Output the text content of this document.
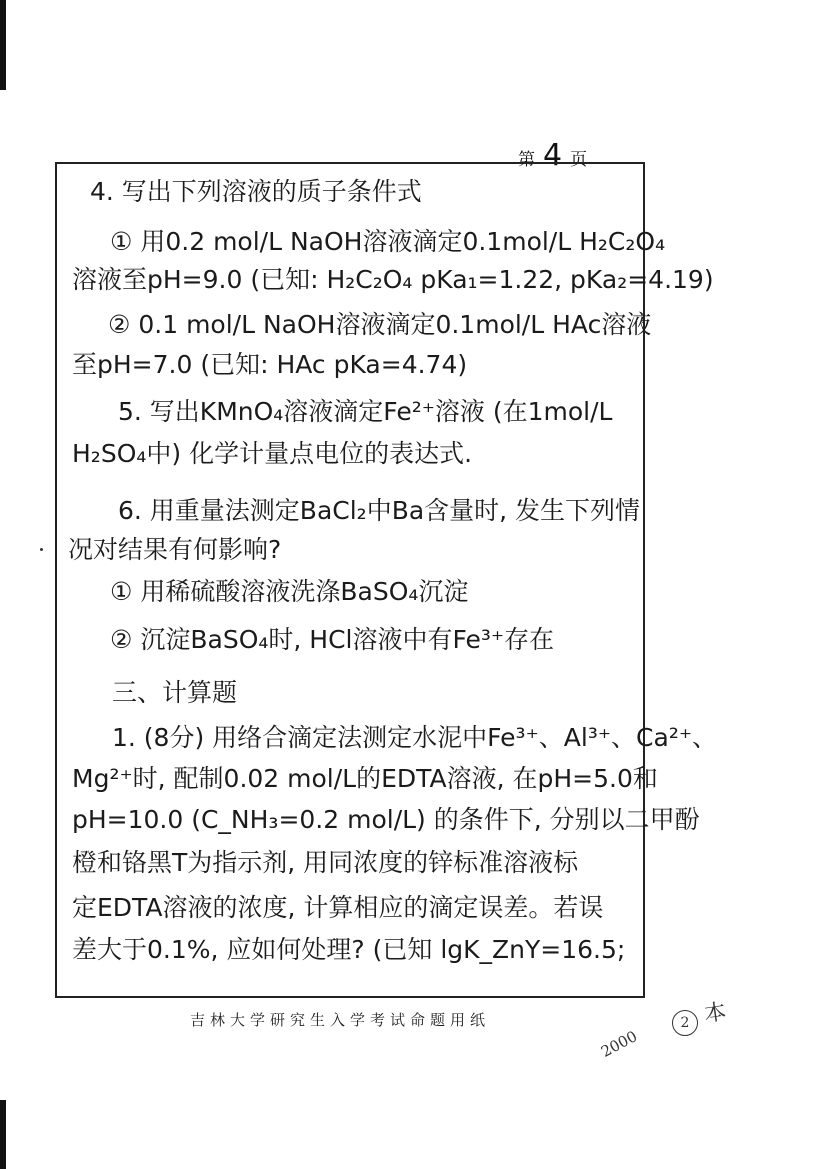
第 4 页
4. 写出下列溶液的质子条件式
① 用0.2 mol/L NaOH溶液滴定0.1mol/L H₂C₂O₄
溶液至pH=9.0 (已知: H₂C₂O₄ pKa₁=1.22, pKa₂=4.19)
② 0.1 mol/L NaOH溶液滴定0.1mol/L HAc溶液
至pH=7.0 (已知: HAc pKa=4.74)
5. 写出KMnO₄溶液滴定Fe²⁺溶液 (在1mol/L
H₂SO₄中) 化学计量点电位的表达式.
6. 用重量法测定BaCl₂中Ba含量时, 发生下列情
况对结果有何影响?
① 用稀硫酸溶液洗涤BaSO₄沉淀
② 沉淀BaSO₄时, HCl溶液中有Fe³⁺存在
三、计算题
1. (8分) 用络合滴定法测定水泥中Fe³⁺、Al³⁺、Ca²⁺、
Mg²⁺时, 配制0.02 mol/L的EDTA溶液, 在pH=5.0和
pH=10.0 (C_NH₃=0.2 mol/L) 的条件下, 分别以二甲酚
橙和铬黑T为指示剂, 用同浓度的锌标准溶液标
定EDTA溶液的浓度, 计算相应的滴定误差。若误
差大于0.1%, 应如何处理? (已知 lgK_ZnY=16.5;
吉林大学研究生入学考试命题用纸
2000
2 本
